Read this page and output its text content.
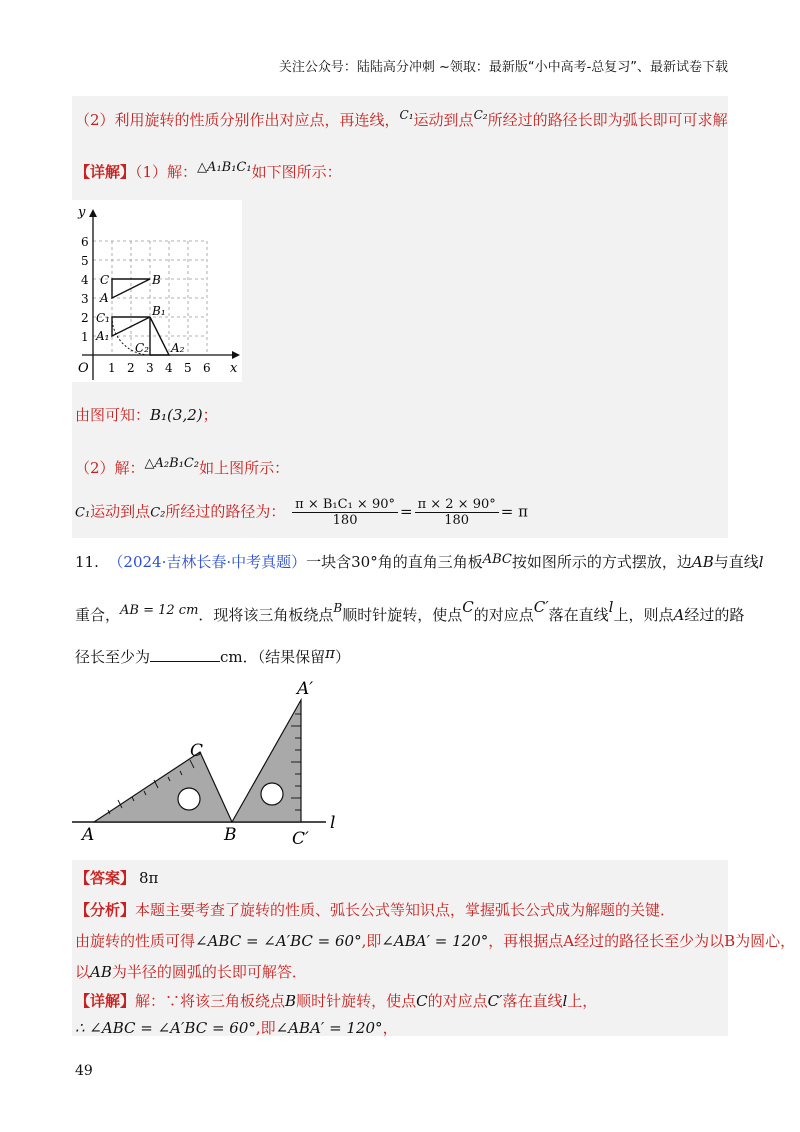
关注公众号：陆陆高分冲刺 ~领取：最新版“小中高考-总复习”、最新试卷下载
（2）利用旋转的性质分别作出对应点，再连线，$^{C_1}$运动到点$^{C_2}$所经过的路径长即为弧长即可可求解
【详解】（1）解：△A₁B₁C₁如下图所示：
y
x
O 1 2 3 4 5 6
1
2
3
4
5
6
C	B
A
C₁	B₁
A₁
C₂ A₂
由图可知：B₁(3,2)；
（2）解：△A₂B₁C₂如上图所示：
C₁运动到点C₂所经过的路径为： $\frac{\text{π × B₁C₁ × 90°}}{180} = \frac{\pi \times 2 \times 90^\circ}{180} = \pi$
11. （2024·吉林长春·中考真题）一块含30°角的直角三角板ABC按如图所示的方式摆放，边AB与直线l
重合，AB = 12 cm．现将该三角板绕点$^B$顺时针旋转，使点C的对应点C′落在直线l上，则点A经过的路
径长至少为	cm．（结果保留π）
A	B
C
A′
C′
l
【答案】 8π
【分析】本题主要考查了旋转的性质、弧长公式等知识点，掌握弧长公式成为解题的关键．
由旋转的性质可得∠ABC = ∠A′BC = 60°,即∠ABA′ = 120°，再根据点A经过的路径长至少为以B为圆心，
以AB为半径的圆弧的长即可解答．
【详解】解：∵将该三角板绕点B顺时针旋转，使点C的对应点C′落在直线l上，
∴ ∠ABC = ∠A′BC = 60°,即∠ABA′ = 120°，
49
